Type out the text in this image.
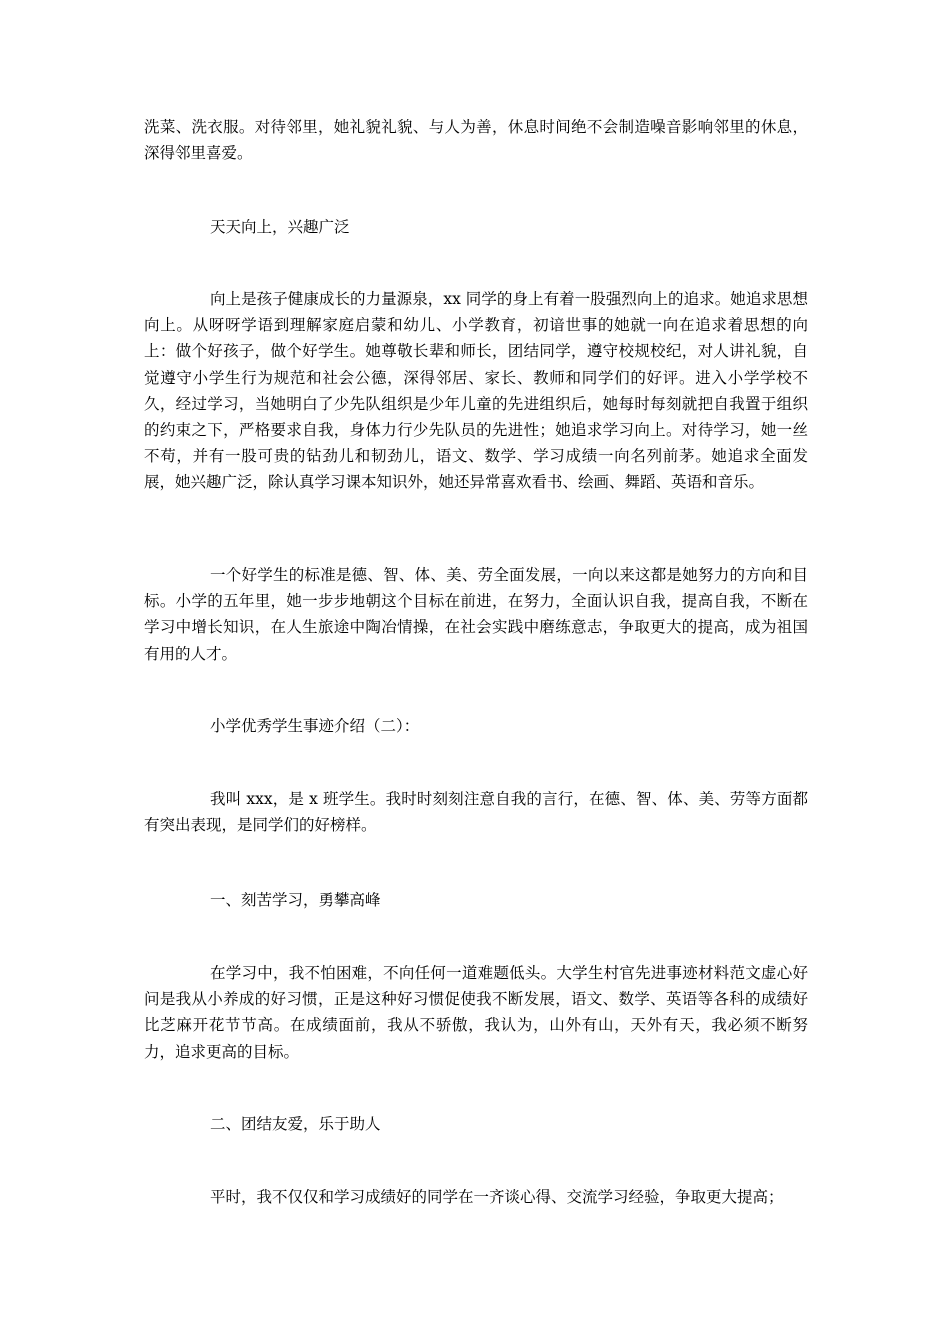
洗菜、洗衣服。对待邻里，她礼貌礼貌、与人为善，休息时间绝不会制造噪音影响邻里的休息，深得邻里喜爱。

天天向上，兴趣广泛

向上是孩子健康成长的力量源泉，xx 同学的身上有着一股强烈向上的追求。她追求思想向上。从呀呀学语到理解家庭启蒙和幼儿、小学教育，初谙世事的她就一向在追求着思想的向上：做个好孩子，做个好学生。她尊敬长辈和师长，团结同学，遵守校规校纪，对人讲礼貌，自觉遵守小学生行为规范和社会公德，深得邻居、家长、教师和同学们的好评。进入小学学校不久，经过学习，当她明白了少先队组织是少年儿童的先进组织后，她每时每刻就把自我置于组织的约束之下，严格要求自我，身体力行少先队员的先进性；她追求学习向上。对待学习，她一丝不苟，并有一股可贵的钻劲儿和韧劲儿，语文、数学、学习成绩一向名列前茅。她追求全面发展，她兴趣广泛，除认真学习课本知识外，她还异常喜欢看书、绘画、舞蹈、英语和音乐。

一个好学生的标准是德、智、体、美、劳全面发展，一向以来这都是她努力的方向和目标。小学的五年里，她一步步地朝这个目标在前进，在努力，全面认识自我，提高自我，不断在学习中增长知识，在人生旅途中陶冶情操，在社会实践中磨练意志，争取更大的提高，成为祖国有用的人才。

小学优秀学生事迹介绍（二）：

我叫 xxx，是 x 班学生。我时时刻刻注意自我的言行，在德、智、体、美、劳等方面都有突出表现，是同学们的好榜样。

一、刻苦学习，勇攀高峰

在学习中，我不怕困难，不向任何一道难题低头。大学生村官先进事迹材料范文虚心好问是我从小养成的好习惯，正是这种好习惯促使我不断发展，语文、数学、英语等各科的成绩好比芝麻开花节节高。在成绩面前，我从不骄傲，我认为，山外有山，天外有天，我必须不断努力，追求更高的目标。

二、团结友爱，乐于助人

平时，我不仅仅和学习成绩好的同学在一齐谈心得、交流学习经验，争取更大提高；
